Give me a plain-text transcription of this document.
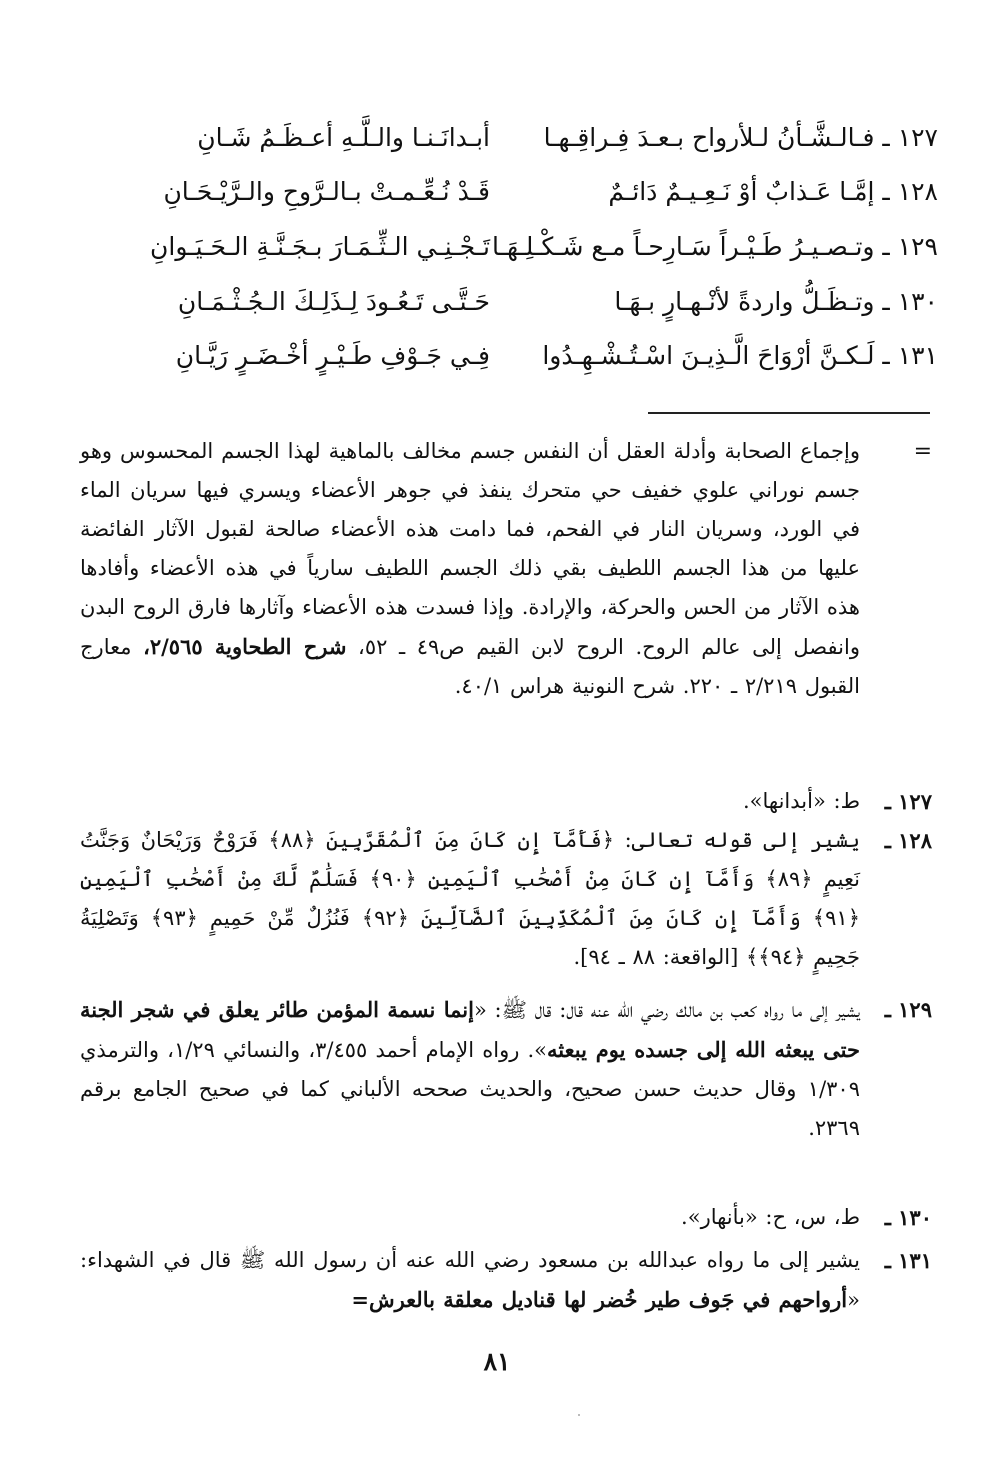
١٢٧ ـ فـالـشَّـأنُ لـلأرواح بـعـدَ فِـراقِـهـا
أبـدانَـنـا والـلَّـهِ أعـظَـمُ شَـانِ
١٢٨ ـ إمَّـا عَـذابٌ أوْ نَـعِـيـمٌ دَائـمٌ
قَـدْ نُـعِّـمـتْ بـالـرَّوحِ والـرَّيْـحَـانِ
١٢٩ ـ وتـصـيـرُ طَـيْـراً سَـارِحـاً مـع شَـكْـلِـهَـا
تَـجْـنِـي الـثِّـمَـارَ بـجَـنَّـةِ الـحَـيَـوانِ
١٣٠ ـ وتـظَـلُّ واردةً لأنْـهـارٍ بـهَـا
حَـتَّـى تَـعُـودَ لِـذَلِـكَ الـجُـثْـمَـانِ
١٣١ ـ لَـكـنَّ أرْوَاحَ الَّـذِيـنَ اسْـتُـشْـهِـدُوا
فِـي جَـوْفِ طَـيْـرٍ أخْـضَـرٍ رَيَّـانِ
=
وإجماع الصحابة وأدلة العقل أن النفس جسم مخالف بالماهية لهذا الجسم المحسوس وهو جسم نوراني علوي خفيف حي متحرك ينفذ في جوهر الأعضاء ويسري فيها سريان الماء في الورد، وسريان النار في الفحم، فما دامت هذه الأعضاء صالحة لقبول الآثار الفائضة عليها من هذا الجسم اللطيف بقي ذلك الجسم اللطيف سارياً في هذه الأعضاء وأفادها هذه الآثار من الحس والحركة، والإرادة. وإذا فسدت هذه الأعضاء وآثارها فارق الروح البدن وانفصل إلى عالم الروح. الروح لابن القيم ص٤٩ ـ ٥٢، شرح الطحاوية ٢/٥٦٥، معارج القبول ٢/٢١٩ ـ ٢٢٠. شرح النونية هراس ٤٠/١.
١٢٧ ـ
ط: «أبدانها».
١٢٨ ـ
يشير إلى قوله تعالى: ﴿فَأَمَّآ إِن كَانَ مِنَ ٱلْمُقَرَّبِينَ ﴿٨٨﴾ فَرَوْحٌ وَرَيْحَانٌ وَجَنَّتُ نَعِيمٍ ﴿٨٩﴾ وَأَمَّآ إِن كَانَ مِنْ أَصْحَٰبِ ٱلْيَمِينِ ﴿٩٠﴾ فَسَلَٰمٌ لَّكَ مِنْ أَصْحَٰبِ ٱلْيَمِينِ ﴿٩١﴾ وَأَمَّآ إِن كَانَ مِنَ ٱلْمُكَذِّبِينَ ٱلضَّآلِّينَ ﴿٩٢﴾ فَنُزُلٌ مِّنْ حَمِيمٍ ﴿٩٣﴾ وَتَصْلِيَةُ جَحِيمٍ ﴿٩٤﴾﴾ [الواقعة: ٨٨ ـ ٩٤].
١٢٩ ـ
يشير إلى ما رواه كعب بن مالك رضي الله عنه قال: قال ﷺ: «إنما نسمة المؤمن طائر يعلق في شجر الجنة حتى يبعثه الله إلى جسده يوم يبعثه». رواه الإمام أحمد ٣/٤٥٥، والنسائي ١/٢٩، والترمذي ١/٣٠٩ وقال حديث حسن صحيح، والحديث صححه الألباني كما في صحيح الجامع برقم ٢٣٦٩.
١٣٠ ـ
ط، س، ح: «بأنهار».
١٣١ ـ
يشير إلى ما رواه عبدالله بن مسعود رضي الله عنه أن رسول الله ﷺ قال في الشهداء: «أرواحهم في جَوف طير خُضر لها قناديل معلقة بالعرش=
٨١
